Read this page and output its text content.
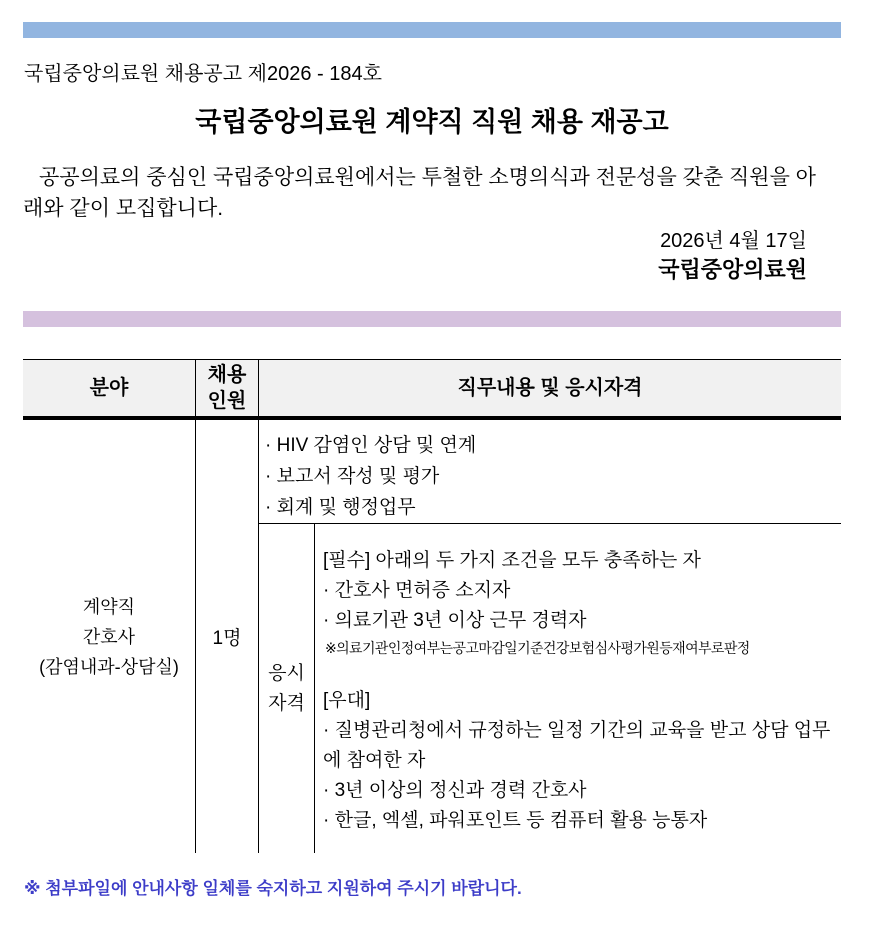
국립중앙의료원 채용공고 제2026 - 184호
국립중앙의료원 계약직 직원 채용 재공고
공공의료의 중심인 국립중앙의료원에서는 투철한 소명의식과 전문성을 갖춘 직원을 아래와 같이 모집합니다.
2026년 4월 17일
국립중앙의료원
분야
채용 인원
직무내용 및 응시자격
계약직
간호사
(감염내과-상담실)
1명
· HIV 감염인 상담 및 연계
· 보고서 작성 및 평가
· 회계 및 행정업무
응시 자격
[필수] 아래의 두 가지 조건을 모두 충족하는 자
· 간호사 면허증 소지자
· 의료기관 3년 이상 근무 경력자
※의료기관인정여부는공고마감일기준건강보험심사평가원등재여부로판정
[우대]
· 질병관리청에서 규정하는 일정 기간의 교육을 받고 상담 업무에 참여한 자
· 3년 이상의 정신과 경력 간호사
· 한글, 엑셀, 파워포인트 등 컴퓨터 활용 능통자
※ 첨부파일에 안내사항 일체를 숙지하고 지원하여 주시기 바랍니다.
